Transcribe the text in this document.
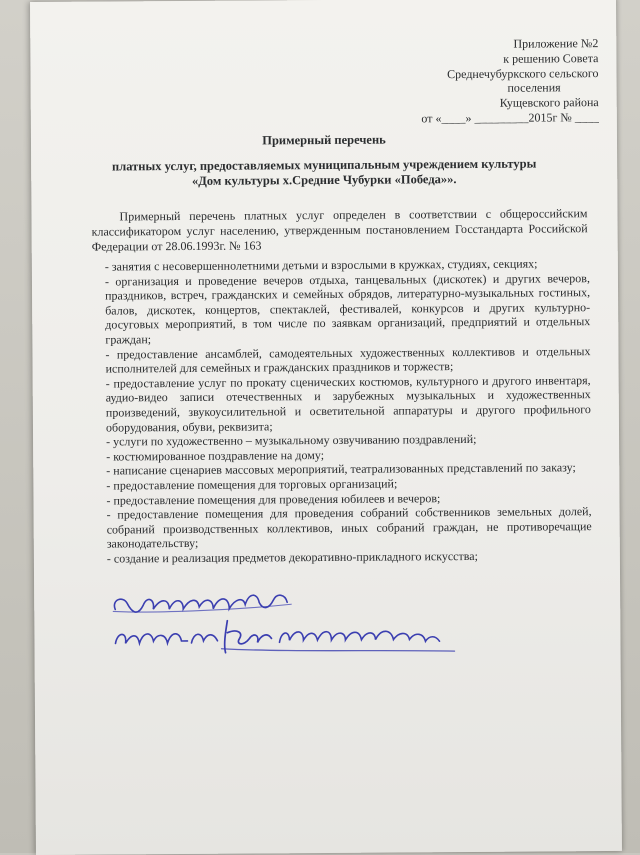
Приложение №2
к решению Совета
Среднечубуркского сельского
поселения
Кущевского района
от «____» _________2015г № ____
Примерный перечень
платных услуг, предоставляемых муниципальным учреждением культуры
«Дом культуры х.Средние Чубурки «Победа»».
Примерный перечень платных услуг определен в соответствии с общероссийским классификатором услуг населению, утвержденным постановлением Госстандарта Российской Федерации от 28.06.1993г. № 163

- занятия с несовершеннолетними детьми и взрослыми в кружках, студиях, секциях;

- организация и проведение вечеров отдыха, танцевальных (дискотек) и других вечеров, праздников, встреч, гражданских и семейных обрядов, литературно-музыкальных гостиных, балов, дискотек, концертов, спектаклей, фестивалей, конкурсов и других культурно-досуговых мероприятий, в том числе по заявкам организаций, предприятий и отдельных граждан;

- предоставление ансамблей, самодеятельных художественных коллективов и отдельных исполнителей для семейных и гражданских праздников и торжеств;

- предоставление услуг по прокату сценических костюмов, культурного и другого инвентаря, аудио-видео записи отечественных и зарубежных музыкальных и художественных произведений, звукоусилительной и осветительной аппаратуры и другого профильного оборудования, обуви, реквизита;

- услуги по художественно – музыкальному озвучиванию поздравлений;

- костюмированное поздравление на дому;

- написание сценариев массовых мероприятий, театрализованных представлений по заказу;

- предоставление помещения для торговых организаций;

- предоставление помещения для проведения юбилеев и вечеров;

- предоставление помещения для проведения собраний собственников земельных долей, собраний производственных коллективов, иных собраний граждан, не противоречащие законодательству;

- создание и реализация предметов декоративно-прикладного искусства;

согласовано
глава ст. Нач. МКертатьев
